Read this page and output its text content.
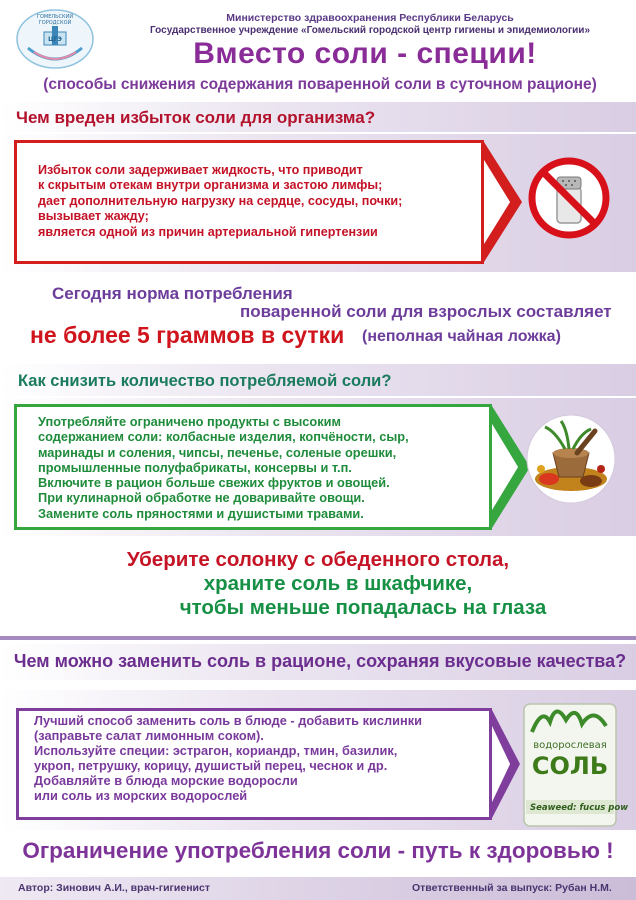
ГОМЕЛЬСКИЙ
ГОРОДСКОЙ
ЦГЭ
Министерство здравоохранения Республики Беларусь
Государственное учреждение «Гомельский городской центр гигиены и эпидемиологии»
Вместо соли - специи!
(способы снижения содержания поваренной соли в суточном рационе)
Чем вреден избыток соли для организма?
Избыток соли задерживает жидкость, что приводит
к скрытым отекам внутри организма и застою лимфы;
дает дополнительную нагрузку на сердце, сосуды, почки;
вызывает жажду;
является одной из причин артериальной гипертензии
Сегодня норма потребления
поваренной соли для взрослых составляет
не более 5 граммов в сутки (неполная чайная ложка)
Как снизить количество потребляемой соли?
Употребляйте ограничено продукты с высоким
содержанием соли: колбасные изделия, копчёности, сыр,
маринады и соления, чипсы, печенье, соленые орешки,
промышленные полуфабрикаты, консервы и т.п.
Включите в рацион больше свежих фруктов и овощей.
При кулинарной обработке не доваривайте овощи.
Замените соль пряностями и душистыми травами.
Уберите солонку с обеденного стола,
храните соль в шкафчике,
чтобы меньше попадалась на глаза
Чем можно заменить соль в рационе, сохраняя вкусовые качества?
Лучший способ заменить соль в блюде - добавить кислинки
(заправьте салат лимонным соком).
Используйте специи: эстрагон, кориандр, тмин, базилик,
укроп, петрушку, корицу, душистый перец, чеснок и др.
Добавляйте в блюда морские водоросли
или соль из морских водорослей
водорослевая
СОЛЬ
Seaweed: fucus pow
Ограничение употребления соли - путь к здоровью !
Автор: Зинович А.И., врач-гигиенист	Ответственный за выпуск: Рубан Н.М.
